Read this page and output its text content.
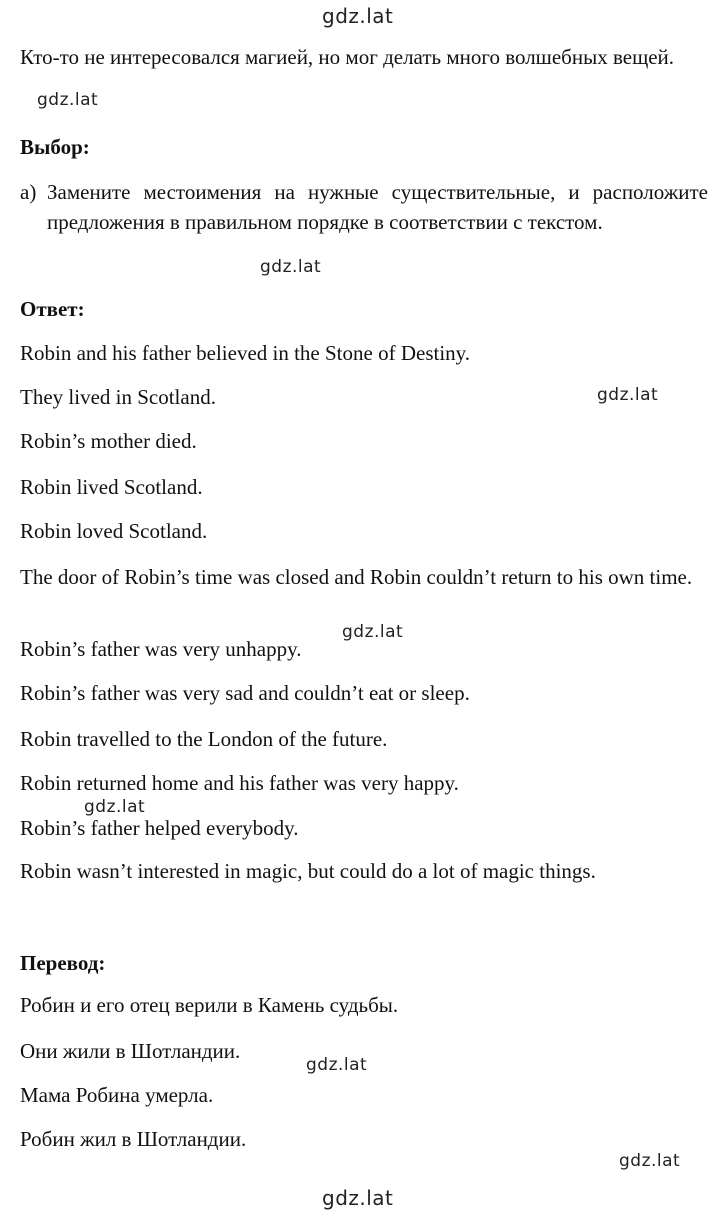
gdz.lat
gdz.lat
gdz.lat
gdz.lat
gdz.lat
gdz.lat
gdz.lat
gdz.lat
gdz.lat
Кто-то не интересовался магией, но мог делать много волшебных вещей.
Выбор:
a) Замените местоимения на нужные существительные, и расположите предложения в правильном порядке в соответствии с текстом.
Ответ:
Robin and his father believed in the Stone of Destiny.
They lived in Scotland.
Robin’s mother died.
Robin lived Scotland.
Robin loved Scotland.
The door of Robin’s time was closed and Robin couldn’t return to his own time.
Robin’s father was very unhappy.
Robin’s father was very sad and couldn’t eat or sleep.
Robin travelled to the London of the future.
Robin returned home and his father was very happy.
Robin’s father helped everybody.
Robin wasn’t interested in magic, but could do a lot of magic things.
Перевод:
Робин и его отец верили в Камень судьбы.
Они жили в Шотландии.
Мама Робина умерла.
Робин жил в Шотландии.
